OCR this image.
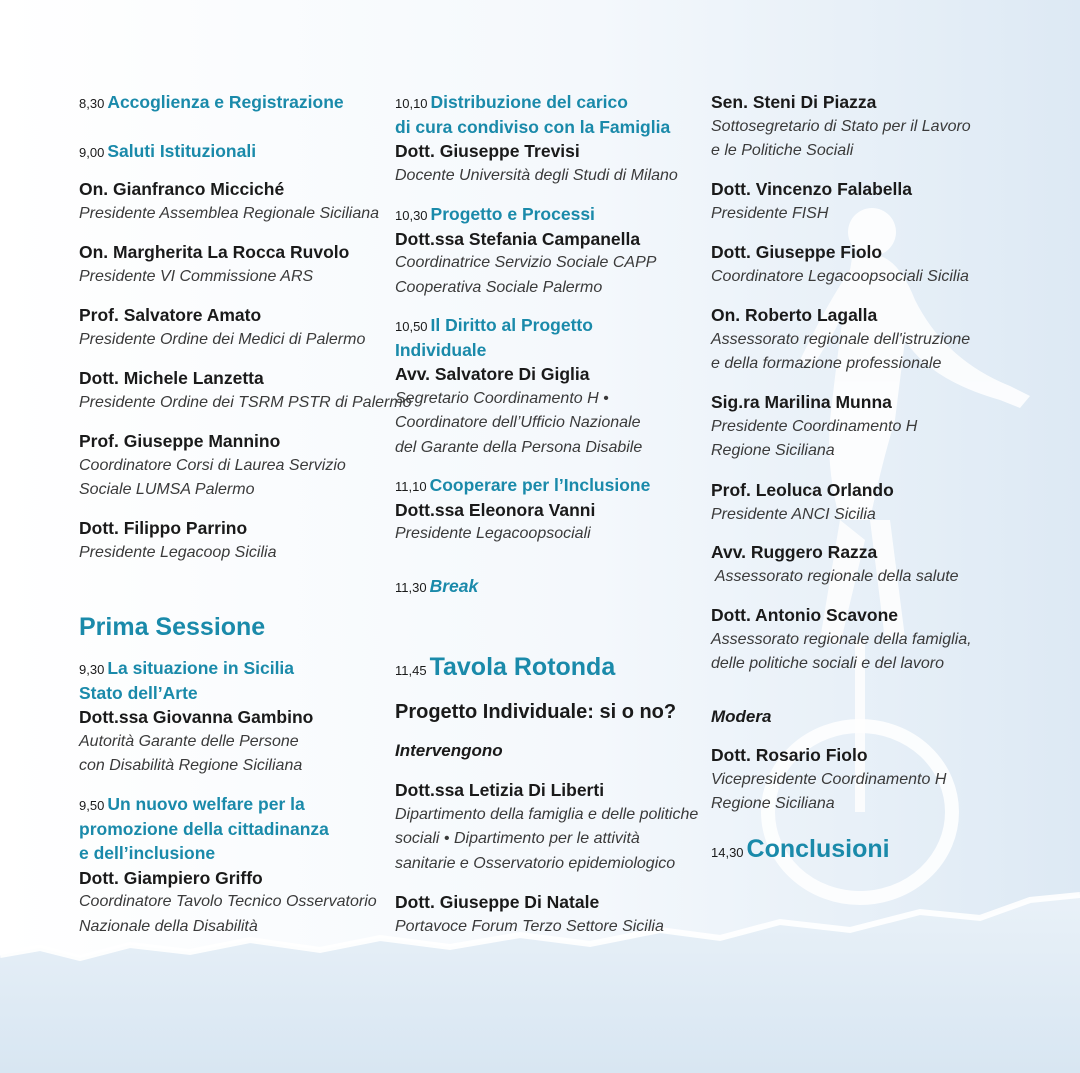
8,30 Accoglienza e Registrazione
9,00 Saluti Istituzionali
On. Gianfranco Micciché
Presidente Assemblea Regionale Siciliana
On. Margherita La Rocca Ruvolo
Presidente VI Commissione ARS
Prof. Salvatore Amato
Presidente Ordine dei Medici di Palermo
Dott. Michele Lanzetta
Presidente Ordine dei TSRM PSTR di Palermo
Prof. Giuseppe Mannino
Coordinatore Corsi di Laurea Servizio
Sociale LUMSA Palermo
Dott. Filippo Parrino
Presidente Legacoop Sicilia
Prima Sessione
9,30 La situazione in Sicilia
Stato dell’Arte
Dott.ssa Giovanna Gambino
Autorità Garante delle Persone
con Disabilità Regione Siciliana
9,50 Un nuovo welfare per la
promozione della cittadinanza
e dell’inclusione
Dott. Giampiero Griffo
Coordinatore Tavolo Tecnico Osservatorio
Nazionale della Disabilità
10,10 Distribuzione del carico
di cura condiviso con la Famiglia
Dott. Giuseppe Trevisi
Docente Università degli Studi di Milano
10,30 Progetto e Processi
Dott.ssa Stefania Campanella
Coordinatrice Servizio Sociale CAPP
Cooperativa Sociale Palermo
10,50 Il Diritto al Progetto
Individuale
Avv. Salvatore Di Giglia
Segretario Coordinamento H •
Coordinatore dell’Ufficio Nazionale
del Garante della Persona Disabile
11,10 Cooperare per l’Inclusione
Dott.ssa Eleonora Vanni
Presidente Legacoopsociali
11,30 Break
11,45 Tavola Rotonda
Progetto Individuale: si o no?
Intervengono
Dott.ssa Letizia Di Liberti
Dipartimento della famiglia e delle politiche
sociali • Dipartimento per le attività
sanitarie e Osservatorio epidemiologico
Dott. Giuseppe Di Natale
Portavoce Forum Terzo Settore Sicilia
Sen. Steni Di Piazza
Sottosegretario di Stato per il Lavoro
e le Politiche Sociali
Dott. Vincenzo Falabella
Presidente FISH
Dott. Giuseppe Fiolo
Coordinatore Legacoopsociali Sicilia
On. Roberto Lagalla
Assessorato regionale dell'istruzione
e della formazione professionale
Sig.ra Marilina Munna
Presidente Coordinamento H
Regione Siciliana
Prof. Leoluca Orlando
Presidente ANCI Sicilia
Avv. Ruggero Razza
Assessorato regionale della salute
Dott. Antonio Scavone
Assessorato regionale della famiglia,
delle politiche sociali e del lavoro
Modera
Dott. Rosario Fiolo
Vicepresidente Coordinamento H
Regione Siciliana
14,30 Conclusioni
